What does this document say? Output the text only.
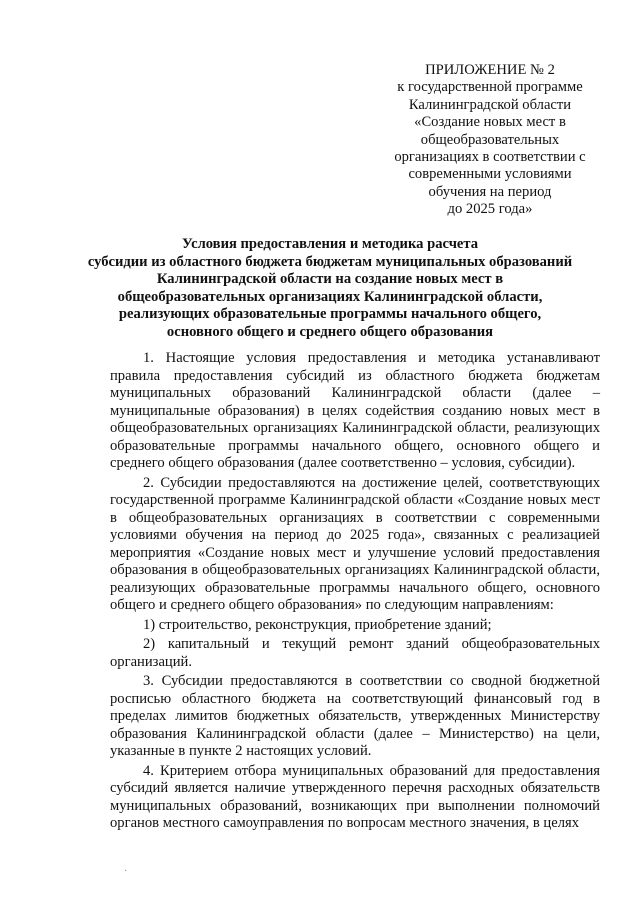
ПРИЛОЖЕНИЕ № 2
к государственной программе
Калининградской области
«Создание новых мест в
общеобразовательных
организациях в соответствии с
современными условиями
обучения на период
до 2025 года»
Условия предоставления и методика расчета
субсидии из областного бюджета бюджетам муниципальных образований
Калининградской области на создание новых мест в
общеобразовательных организациях Калининградской области,
реализующих образовательные программы начального общего,
основного общего и среднего общего образования

1. Настоящие условия предоставления и методика устанавливают правила предоставления субсидий из областного бюджета бюджетам муниципальных образований Калининградской области (далее – муниципальные образования) в целях содействия созданию новых мест в общеобразовательных организациях Калининградской области, реализующих образовательные программы начального общего, основного общего и среднего общего образования (далее соответственно – условия, субсидии).

2. Субсидии предоставляются на достижение целей, соответствующих государственной программе Калининградской области «Создание новых мест в общеобразовательных организациях в соответствии с современными условиями обучения на период до 2025 года», связанных с реализацией мероприятия «Создание новых мест и улучшение условий предоставления образования в общеобразовательных организациях Калининградской области, реализующих образовательные программы начального общего, основного общего и среднего общего образования» по следующим направлениям:

1) строительство, реконструкция, приобретение зданий;

2) капитальный и текущий ремонт зданий общеобразовательных организаций.

3. Субсидии предоставляются в соответствии со сводной бюджетной росписью областного бюджета на соответствующий финансовый год в пределах лимитов бюджетных обязательств, утвержденных Министерству образования Калининградской области (далее – Министерство) на цели, указанные в пункте 2 настоящих условий.

4. Критерием отбора муниципальных образований для предоставления субсидий является наличие утвержденного перечня расходных обязательств муниципальных образований, возникающих при выполнении полномочий органов местного самоуправления по вопросам местного значения, в целях

·
